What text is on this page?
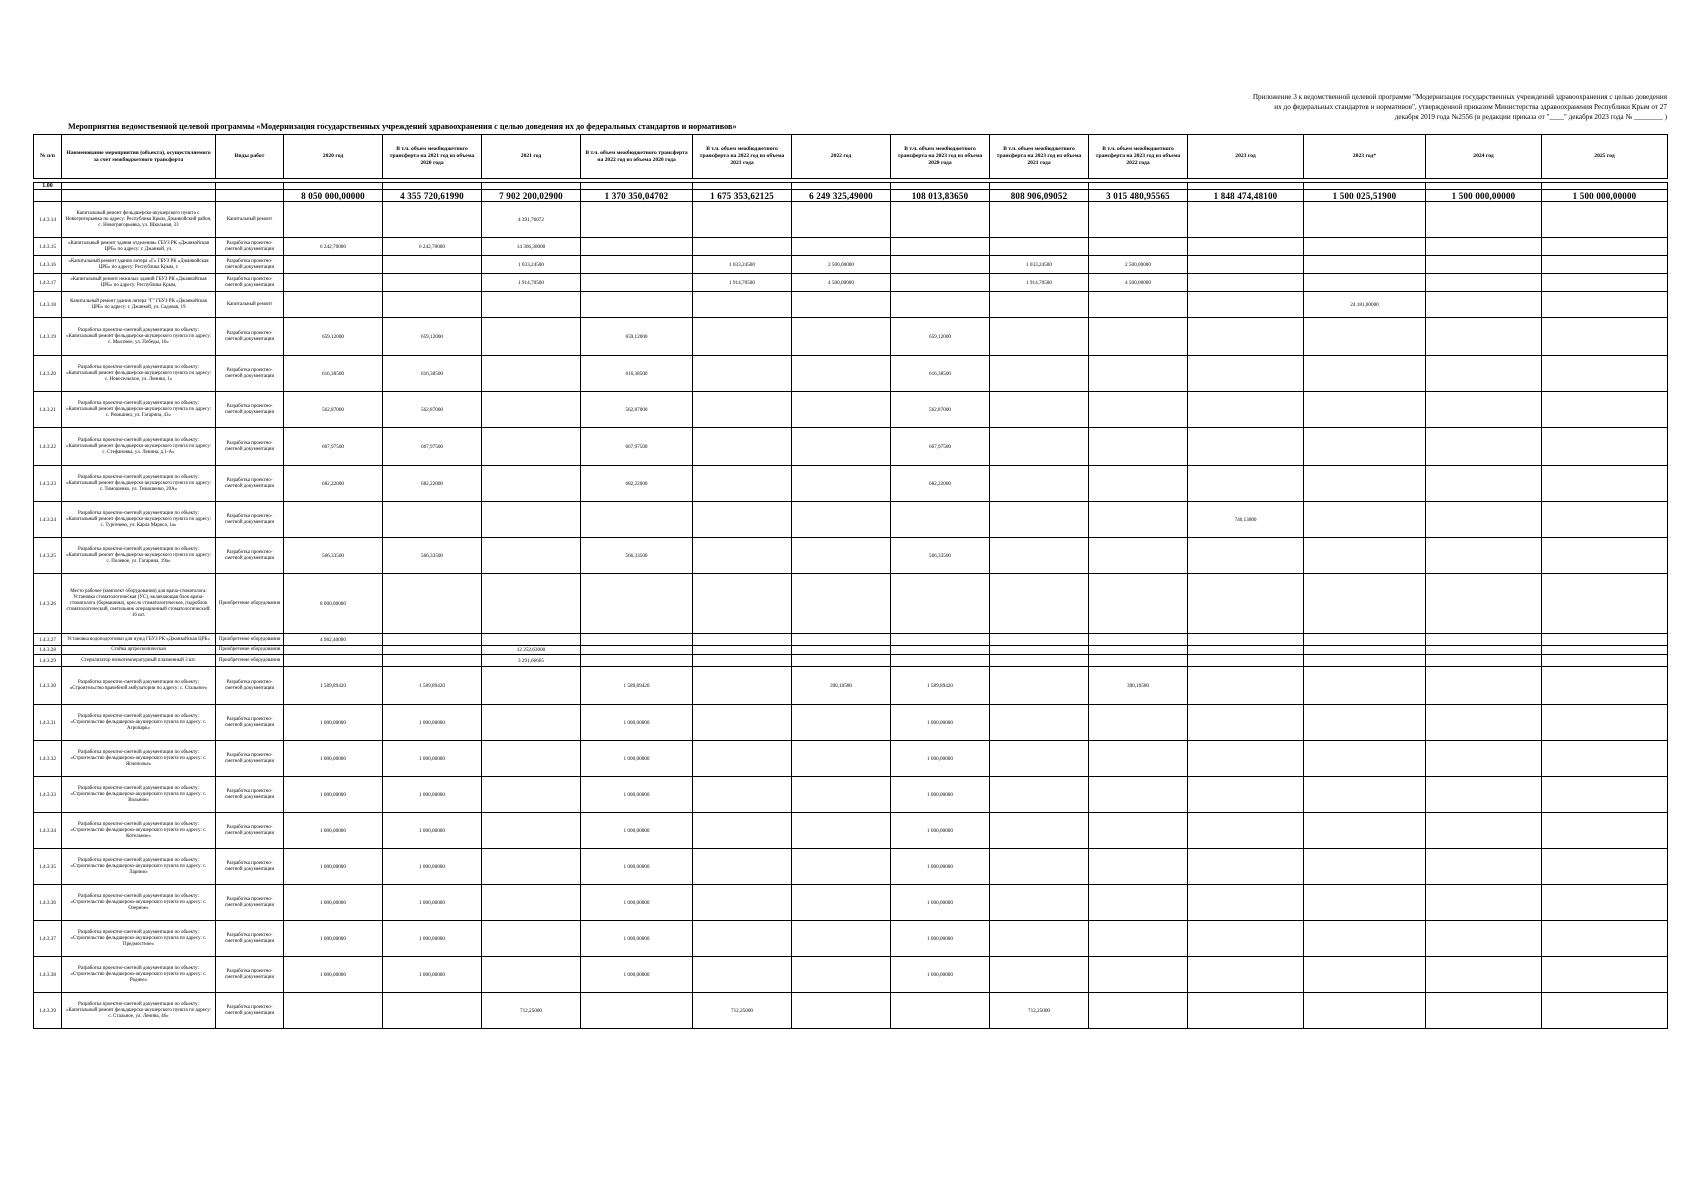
Приложение 3 к ведомственной целевой программе "Модернизация государственных учреждений здравоохранения с целью доведения
их до федеральных стандартов и нормативов", утвержденной приказом Министерства здравоохранения Республики Крым от 27
декабря 2019 года №2556 (в редакции приказа от "____" декабря 2023 года № ________ )
Мероприятия ведомственной целевой программы «Модернизация государственных учреждений здравоохранения с целью доведения их до федеральных стандартов и нормативов»
№ п/п	Наименование мероприятия (объекта), осуществляемого за счет межбюджетного трансферта	Виды работ	2020 год	В т.ч. объем межбюджетного трансферта на 2021 год из объема 2020 года	2021 год	В т.ч. объем межбюджетного трансферта на 2022 год из объема 2020 года	В т.ч. объем межбюджетного трансферта на 2022 год из объема 2021 года	2022 год	В т.ч. объем межбюджетного трансферта на 2023 год из объема 2020 года	В т.ч. объем межбюджетного трансферта на 2023 год из объема 2021 года	В т.ч. объем межбюджетного трансферта на 2023 год из объема 2022 года	2023 год	2023 год*	2024 год	2025 год

1.00															
			8 050 000,00000	4 355 720,61990	7 902 200,02900	1 370 350,04702	1 675 353,62125	6 249 325,49000	108 013,83650	808 906,09052	3 015 480,95565	1 848 474,48100	1 500 025,51900	1 500 000,00000	1 500 000,00000
1.4.3.14	Капитальный ремонт фельдшерско-акушерского пункта с. Новогригорьевка по адресу: Республика Крым, Джанкойский район, с. Новогригорьевка, ул. Школьная, 33	Капитальный ремонт			4 391,76072										
1.4.3.15	«Капитальный ремонт здания отделения» ГБУЗ РК «Джанкойская ЦРБ» по адресу: г. Джанкой, ул.	Разработка проектно-сметной документации	6 242,70000	6 242,70000	14 366,30000										
1.4.3.16	«Капитальный ремонт здания литера «Г» ГБУЗ РК «Джанкойская ЦРБ» по адресу: Республика Крым, г.	Разработка проектно-сметной документации			1 033,24500		1 033,24500	2 500,00000		1 033,24500	2 500,00000				
1.4.3.17	«Капитальный ремонт нежилых зданий ГБУЗ РК «Джанкойская ЦРБ» по адресу: Республика Крым,	Разработка проектно-сметной документации			1 914,70500		1 914,70500	4 500,00000		1 914,70500	4 500,00000				
1.4.3.18	Капитальный ремонт здания литера "Г" ГБУЗ РК «Джанкойская ЦРБ» по адресу: г. Джанкой, ул. Садовая, 19	Капитальный ремонт											24 181,00000		
1.4.3.19	Разработка проектно-сметной документации по объекту: «Капитальный ремонт фельдшерско-акушерского пункта по адресу: с. Мысовое, ул. Победы, 16»	Разработка проектно-сметной документации	659,12000	659,12000		659,12000			659,12000						
1.4.3.20	Разработка проектно-сметной документации по объекту: «Капитальный ремонт фельдшерско-акушерского пункта по адресу: с. Новосельское, ул. Ленина, 1»	Разработка проектно-сметной документации	616,38500	616,38500		616,38500			616,38500						
1.4.3.21	Разработка проектно-сметной документации по объекту: «Капитальный ремонт фельдшерско-акушерского пункта по адресу: с. Рюмшино, ул. Гагарина, 43»	Разработка проектно-сметной документации	562,87000	562,87000		562,87000			562,87000						
1.4.3.22	Разработка проектно-сметной документации по объекту: «Капитальный ремонт фельдшерско-акушерского пункта по адресу: с. Стефановка, ул. Ленина, д.1-А»	Разработка проектно-сметной документации	667,97500	667,97500		667,97500			667,97500						
1.4.3.23	Разработка проектно-сметной документации по объекту: «Капитальный ремонт фельдшерско-акушерского пункта по адресу: с. Тимошенко, ул. Тимошенко, 20А»	Разработка проектно-сметной документации	682,22000	682,22000		682,22000			682,22000						
1.4.3.24	Разработка проектно-сметной документации по объекту: «Капитальный ремонт фельдшерско-акушерского пункта по адресу: с. Тургенево, ул. Карла Маркса, 1а»	Разработка проектно-сметной документации										746,13000			
1.4.3.25	Разработка проектно-сметной документации по объекту: «Капитальный ремонт фельдшерско-акушерского пункта по адресу: с. Полевое, ул. Гагарина, 19а»	Разработка проектно-сметной документации	566,33500	566,33500		566,33500			566,33500						
1.4.3.26	Место рабочее (комплект оборудования) для врача-стоматолога: Установка стоматологическая (УС), включающая блок врача-стоматолога (бормашина), кресло стоматологическое, гидроблок стоматологический, светильник операционный стоматологический: 16 шт.	Приобретение оборудования	8 000,00000												
1.4.3.27	Установка водоподготовки для нужд ГБУЗ РК «Джанкойская ЦРБ»	Приобретение оборудования	4 982,40000												
1.4.3.28	Стойка артроскопическая	Приобретение оборудования			12 252,63000										
1.4.3.29	Стерилизатор низкотемпературный плазменный 3 шт.	Приобретение оборудования			3 291,66665										
1.4.3.30	Разработка проектно-сметной документации по объекту: «Строительство врачебной амбулатории по адресу: с. Стальное»	Разработка проектно-сметной документации	1 589,89420	1 589,89420		1 589,89420		390,10580	1 589,89420		390,10580				
1.4.3.31	Разработка проектно-сметной документации по объекту: «Строительство фельдшерско-акушерского пункта по адресу: с. Агропарк»	Разработка проектно-сметной документации	1 000,00000	1 000,00000		1 000,00000			1 000,00000						
1.4.3.32	Разработка проектно-сметной документации по объекту: «Строительство фельдшерско-акушерского пункта по адресу: с. Яснополье»	Разработка проектно-сметной документации	1 000,00000	1 000,00000		1 000,00000			1 000,00000						
1.4.3.33	Разработка проектно-сметной документации по объекту: «Строительство фельдшерско-акушерского пункта по адресу: с. Вольное»	Разработка проектно-сметной документации	1 000,00000	1 000,00000		1 000,00000			1 000,00000						
1.4.3.34	Разработка проектно-сметной документации по объекту: «Строительство фельдшерско-акушерского пункта по адресу: с. Котельное»	Разработка проектно-сметной документации	1 000,00000	1 000,00000		1 000,00000			1 000,00000						
1.4.3.35	Разработка проектно-сметной документации по объекту: «Строительство фельдшерско-акушерского пункта по адресу: с. Ларино»	Разработка проектно-сметной документации	1 000,00000	1 000,00000		1 000,00000			1 000,00000						
1.4.3.36	Разработка проектно-сметной документации по объекту: «Строительство фельдшерско-акушерского пункта по адресу: с. Озерное»	Разработка проектно-сметной документации	1 000,00000	1 000,00000		1 000,00000			1 000,00000						
1.4.3.37	Разработка проектно-сметной документации по объекту: «Строительство фельдшерско-акушерского пункта по адресу: с. Предмостное»	Разработка проектно-сметной документации	1 000,00000	1 000,00000		1 000,00000			1 000,00000						
1.4.3.38	Разработка проектно-сметной документации по объекту: «Строительство фельдшерско-акушерского пункта по адресу: с. Роднее»	Разработка проектно-сметной документации	1 000,00000	1 000,00000		1 000,00000			1 000,00000						
1.4.3.39	Разработка проектно-сметной документации по объекту: «Капитальный ремонт фельдшерско-акушерского пункта по адресу: с. Стальное, ул. Ленина, 46»	Разработка проектно-сметной документации			712,25000		712,25000			712,25000					
